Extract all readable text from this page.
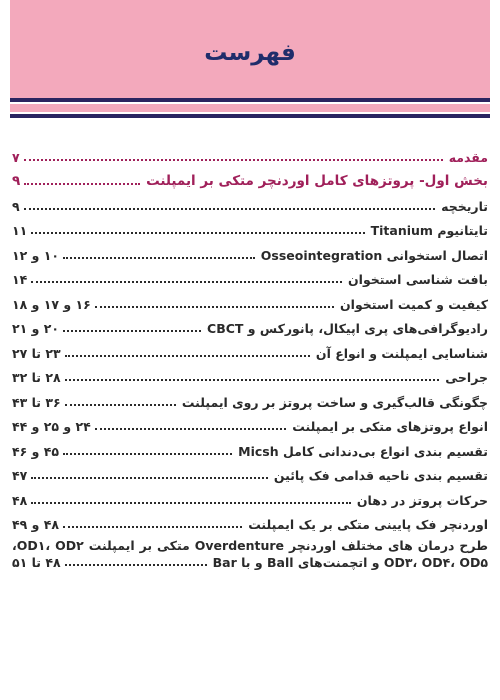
فهرست
مقدمه
۷
بخش اول- پروتزهای کامل اوردنچر متکی بر ایمپلنت
۹
تاریخچه
۹
تایتانیوم Titanium
۱۱
اتصال استخوانی Osseointegration
۱۰ و ۱۲
بافت شناسی استخوان
۱۴
کیفیت و کمیت استخوان
۱۶ و ۱۷ و ۱۸
رادیوگرافی‌های پری اپیکال، پانورکس و CBCT
۲۰ و ۲۱
شناسایی ایمپلنت و انواع آن
۲۳ تا ۲۷
جراحی
۲۸ تا ۳۲
چگونگی قالب‌گیری و ساخت پروتز بر روی ایمپلنت
۳۶ تا ۴۳
انواع پروتزهای متکی بر ایمپلنت
۲۴ و ۲۵ و ۴۴
تقسیم بندی انواع بی‌دندانی کامل Micsh
۴۵ و ۴۶
تقسیم بندی ناحیه قدامی فک پائین
۴۷
حرکات پروتز در دهان
۴۸
اوردنچر فک پایینی متکی بر یک ایمپلنت
۴۸ و ۴۹
طرح درمان های مختلف اوردنچر Overdenture متکی بر ایمپلنت OD۱، OD۲،
OD۳، OD۴، OD۵ و اتچمنت‌های Ball و با Bar
۴۸ تا ۵۱
